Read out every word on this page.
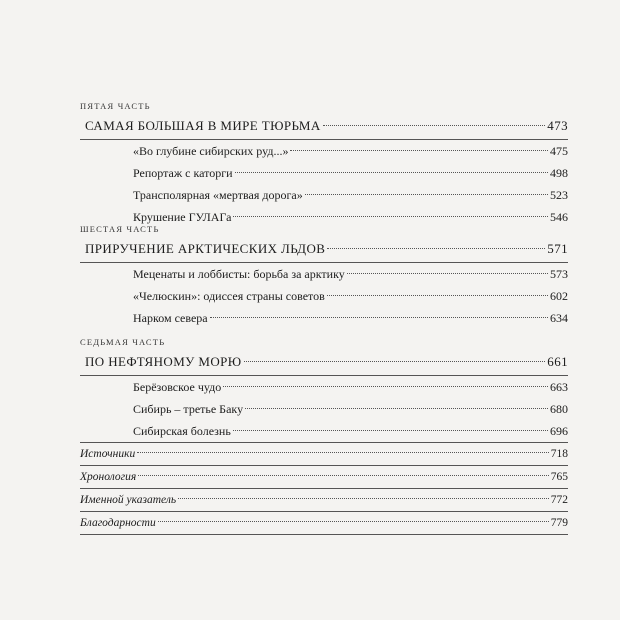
ПЯТАЯ ЧАСТЬ
САМАЯ БОЛЬШАЯ В МИРЕ ТЮРЬМА	473
«Во глубине сибирских руд...»	475
Репортаж с каторги	498
Трансполярная «мертвая дорога»	523
Крушение ГУЛАГа	546
ШЕСТАЯ ЧАСТЬ
ПРИРУЧЕНИЕ АРКТИЧЕСКИХ ЛЬДОВ	571
Меценаты и лоббисты: борьба за арктику	573
«Челюскин»: одиссея страны советов	602
Нарком севера	634
СЕДЬМАЯ ЧАСТЬ
ПО НЕФТЯНОМУ МОРЮ	661
Берёзовское чудо	663
Сибирь – третье Баку	680
Сибирская болезнь	696
Источники	718
Хронология	765
Именной указатель	772
Благодарности	779
